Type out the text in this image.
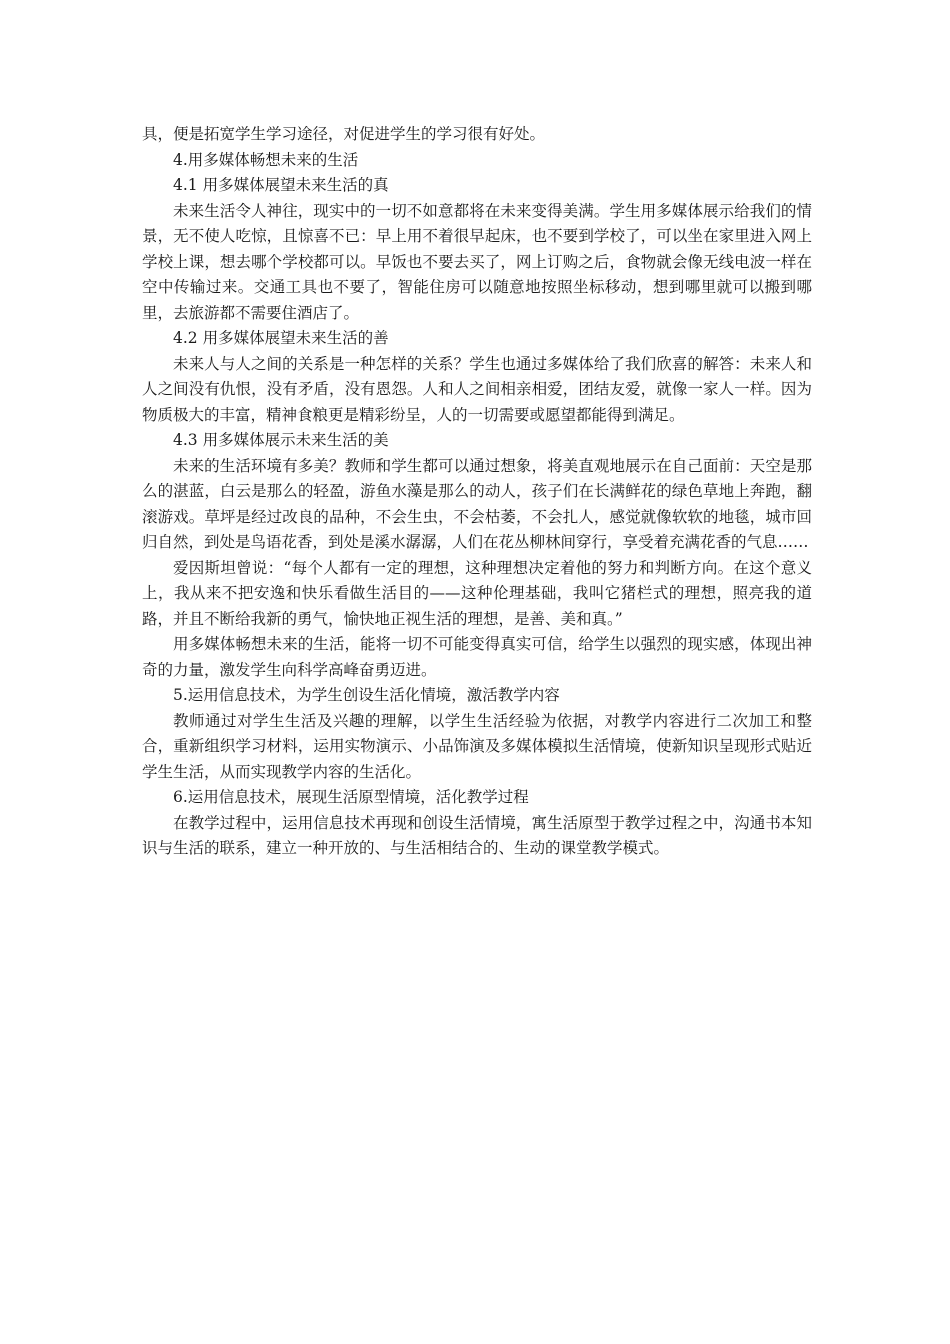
具，便是拓宽学生学习途径，对促进学生的学习很有好处。

4.用多媒体畅想未来的生活

4.1 用多媒体展望未来生活的真

未来生活令人神往，现实中的一切不如意都将在未来变得美满。学生用多媒体展示给我们的情景，无不使人吃惊，且惊喜不已：早上用不着很早起床，也不要到学校了，可以坐在家里进入网上学校上课，想去哪个学校都可以。早饭也不要去买了，网上订购之后，食物就会像无线电波一样在空中传输过来。交通工具也不要了，智能住房可以随意地按照坐标移动，想到哪里就可以搬到哪里，去旅游都不需要住酒店了。

4.2 用多媒体展望未来生活的善

未来人与人之间的关系是一种怎样的关系？学生也通过多媒体给了我们欣喜的解答：未来人和人之间没有仇恨，没有矛盾，没有恩怨。人和人之间相亲相爱，团结友爱，就像一家人一样。因为物质极大的丰富，精神食粮更是精彩纷呈，人的一切需要或愿望都能得到满足。

4.3 用多媒体展示未来生活的美

未来的生活环境有多美？教师和学生都可以通过想象，将美直观地展示在自己面前：天空是那么的湛蓝，白云是那么的轻盈，游鱼水藻是那么的动人，孩子们在长满鲜花的绿色草地上奔跑，翻滚游戏。草坪是经过改良的品种，不会生虫，不会枯萎，不会扎人，感觉就像软软的地毯，城市回归自然，到处是鸟语花香，到处是溪水潺潺，人们在花丛柳林间穿行，享受着充满花香的气息……

爱因斯坦曾说：“每个人都有一定的理想，这种理想决定着他的努力和判断方向。在这个意义上，我从来不把安逸和快乐看做生活目的——这种伦理基础，我叫它猪栏式的理想，照亮我的道路，并且不断给我新的勇气，愉快地正视生活的理想，是善、美和真。”

用多媒体畅想未来的生活，能将一切不可能变得真实可信，给学生以强烈的现实感，体现出神奇的力量，激发学生向科学高峰奋勇迈进。

5.运用信息技术，为学生创设生活化情境，激活教学内容

教师通过对学生生活及兴趣的理解，以学生生活经验为依据，对教学内容进行二次加工和整合，重新组织学习材料，运用实物演示、小品饰演及多媒体模拟生活情境，使新知识呈现形式贴近学生生活，从而实现教学内容的生活化。

6.运用信息技术，展现生活原型情境，活化教学过程

在教学过程中，运用信息技术再现和创设生活情境，寓生活原型于教学过程之中，沟通书本知识与生活的联系，建立一种开放的、与生活相结合的、生动的课堂教学模式。
